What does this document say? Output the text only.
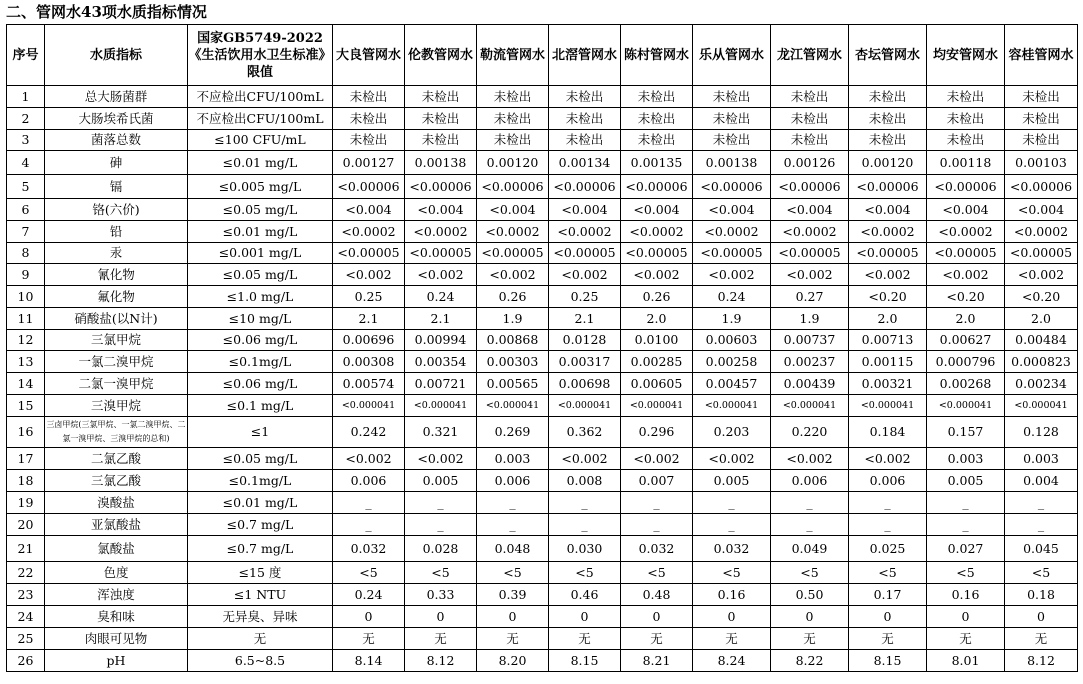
二、管网水43项水质指标情况
序号	水质指标	国家GB5749-2022《生活饮用水卫生标准》限值	大良管网水	伦教管网水	勒流管网水	北滘管网水	陈村管网水	乐从管网水	龙江管网水	杏坛管网水	均安管网水	容桂管网水
1	总大肠菌群	不应检出CFU/100mL	未检出	未检出	未检出	未检出	未检出	未检出	未检出	未检出	未检出	未检出
2	大肠埃希氏菌	不应检出CFU/100mL	未检出	未检出	未检出	未检出	未检出	未检出	未检出	未检出	未检出	未检出
3	菌落总数	≤100 CFU/mL	未检出	未检出	未检出	未检出	未检出	未检出	未检出	未检出	未检出	未检出
4	砷	≤0.01 mg/L	0.00127	0.00138	0.00120	0.00134	0.00135	0.00138	0.00126	0.00120	0.00118	0.00103
5	镉	≤0.005 mg/L	<0.00006	<0.00006	<0.00006	<0.00006	<0.00006	<0.00006	<0.00006	<0.00006	<0.00006	<0.00006
6	铬(六价)	≤0.05 mg/L	<0.004	<0.004	<0.004	<0.004	<0.004	<0.004	<0.004	<0.004	<0.004	<0.004
7	铅	≤0.01 mg/L	<0.0002	<0.0002	<0.0002	<0.0002	<0.0002	<0.0002	<0.0002	<0.0002	<0.0002	<0.0002
8	汞	≤0.001 mg/L	<0.00005	<0.00005	<0.00005	<0.00005	<0.00005	<0.00005	<0.00005	<0.00005	<0.00005	<0.00005
9	氰化物	≤0.05 mg/L	<0.002	<0.002	<0.002	<0.002	<0.002	<0.002	<0.002	<0.002	<0.002	<0.002
10	氟化物	≤1.0 mg/L	0.25	0.24	0.26	0.25	0.26	0.24	0.27	<0.20	<0.20	<0.20
11	硝酸盐(以N计)	≤10 mg/L	2.1	2.1	1.9	2.1	2.0	1.9	1.9	2.0	2.0	2.0
12	三氯甲烷	≤0.06 mg/L	0.00696	0.00994	0.00868	0.0128	0.0100	0.00603	0.00737	0.00713	0.00627	0.00484
13	一氯二溴甲烷	≤0.1mg/L	0.00308	0.00354	0.00303	0.00317	0.00285	0.00258	0.00237	0.00115	0.000796	0.000823
14	二氯一溴甲烷	≤0.06 mg/L	0.00574	0.00721	0.00565	0.00698	0.00605	0.00457	0.00439	0.00321	0.00268	0.00234
15	三溴甲烷	≤0.1 mg/L	<0.000041	<0.000041	<0.000041	<0.000041	<0.000041	<0.000041	<0.000041	<0.000041	<0.000041	<0.000041
16	三卤甲烷(三氯甲烷、一氯二溴甲烷、二氯一溴甲烷、三溴甲烷的总和)	≤1	0.242	0.321	0.269	0.362	0.296	0.203	0.220	0.184	0.157	0.128
17	二氯乙酸	≤0.05 mg/L	<0.002	<0.002	0.003	<0.002	<0.002	<0.002	<0.002	<0.002	0.003	0.003
18	三氯乙酸	≤0.1mg/L	0.006	0.005	0.006	0.008	0.007	0.005	0.006	0.006	0.005	0.004
19	溴酸盐	≤0.01 mg/L	_	_	_	_	_	_	_	_	_	_
20	亚氯酸盐	≤0.7 mg/L	_	_	_	_	_	_	_	_	_	_
21	氯酸盐	≤0.7 mg/L	0.032	0.028	0.048	0.030	0.032	0.032	0.049	0.025	0.027	0.045
22	色度	≤15 度	<5	<5	<5	<5	<5	<5	<5	<5	<5	<5
23	浑浊度	≤1 NTU	0.24	0.33	0.39	0.46	0.48	0.16	0.50	0.17	0.16	0.18
24	臭和味	无异臭、异味	0	0	0	0	0	0	0	0	0	0
25	肉眼可见物	无	无	无	无	无	无	无	无	无	无	无
26	pH	6.5~8.5	8.14	8.12	8.20	8.15	8.21	8.24	8.22	8.15	8.01	8.12
